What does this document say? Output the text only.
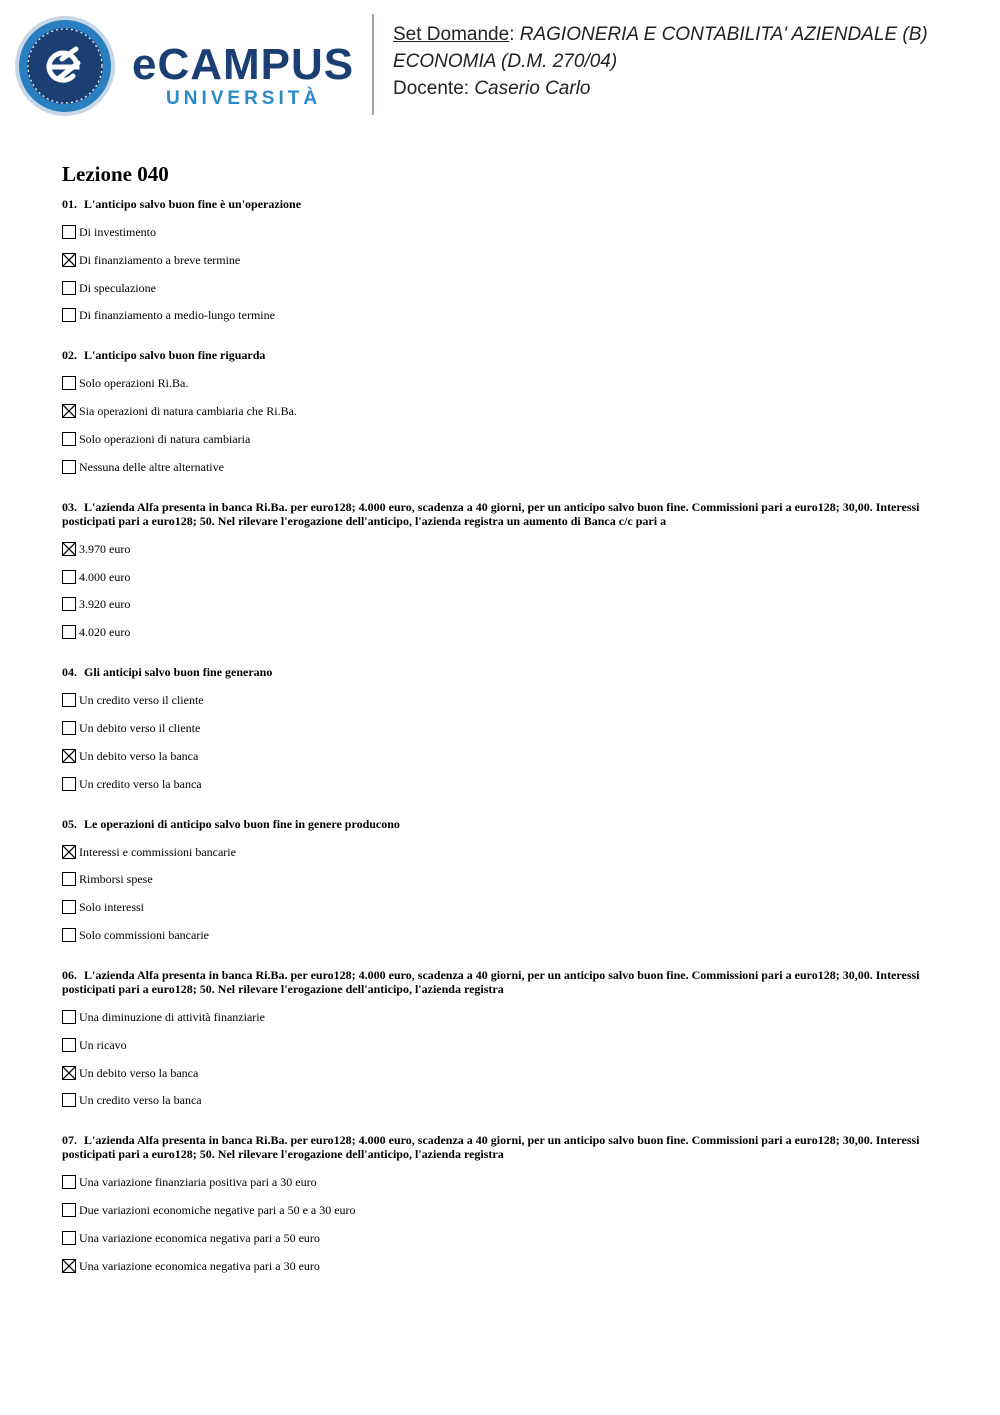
eCAMPUS
UNIVERSITÀ
Set Domande: RAGIONERIA E CONTABILITA' AZIENDALE (B)
ECONOMIA (D.M. 270/04)
Docente: Caserio Carlo
Lezione 040

01. L'anticipo salvo buon fine è un'operazione

Di investimento
Di finanziamento a breve termine
Di speculazione
Di finanziamento a medio-lungo termine

02. L'anticipo salvo buon fine riguarda

Solo operazioni Ri.Ba.
Sia operazioni di natura cambiaria che Ri.Ba.
Solo operazioni di natura cambiaria
Nessuna delle altre alternative

03. L'azienda Alfa presenta in banca Ri.Ba. per euro128; 4.000 euro, scadenza a 40 giorni, per un anticipo salvo buon fine. Commissioni pari a euro128; 30,00. Interessi posticipati pari a euro128; 50. Nel rilevare l'erogazione dell'anticipo, l'azienda registra un aumento di Banca c/c pari a

3.970 euro
4.000 euro
3.920 euro
4.020 euro

04. Gli anticipi salvo buon fine generano

Un credito verso il cliente
Un debito verso il cliente
Un debito verso la banca
Un credito verso la banca

05. Le operazioni di anticipo salvo buon fine in genere producono

Interessi e commissioni bancarie
Rimborsi spese
Solo interessi
Solo commissioni bancarie

06. L'azienda Alfa presenta in banca Ri.Ba. per euro128; 4.000 euro, scadenza a 40 giorni, per un anticipo salvo buon fine. Commissioni pari a euro128; 30,00. Interessi posticipati pari a euro128; 50. Nel rilevare l'erogazione dell'anticipo, l'azienda registra

Una diminuzione di attività finanziarie
Un ricavo
Un debito verso la banca
Un credito verso la banca

07. L'azienda Alfa presenta in banca Ri.Ba. per euro128; 4.000 euro, scadenza a 40 giorni, per un anticipo salvo buon fine. Commissioni pari a euro128; 30,00. Interessi posticipati pari a euro128; 50. Nel rilevare l'erogazione dell'anticipo, l'azienda registra

Una variazione finanziaria positiva pari a 30 euro
Due variazioni economiche negative pari a 50 e a 30 euro
Una variazione economica negativa pari a 50 euro
Una variazione economica negativa pari a 30 euro
